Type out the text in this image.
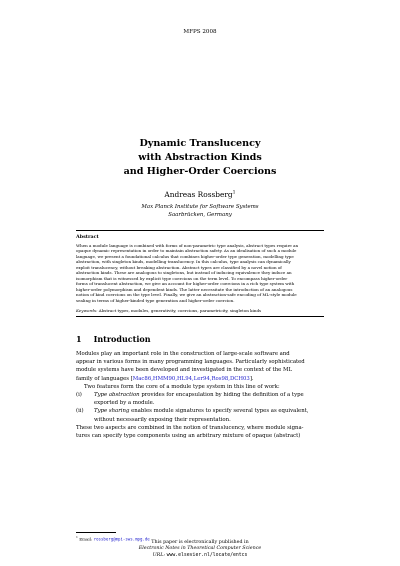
MFPS 2008
Dynamic Translucency
with Abstraction Kinds
and Higher-Order Coercions
Andreas Rossberg$^1$
Max Planck Institute for Software Systems
Saarbrücken, Germany
Abstract
When a module language is combined with forms of non-parametric type analysis, abstract types require an
opaque dynamic representation in order to maintain abstraction safety. As an idealisation of such a module
language, we present a foundational calculus that combines higher-order type generation, modelling type
abstraction, with singleton kinds, modelling translucency. In this calculus, type analysis can dynamically
exploit translucency, without breaking abstraction. Abstract types are classified by a novel notion of
abstraction kinds. These are analogous to singletons, but instead of inducing equivalence they induce an
isomorphism that is witnessed by explicit type coercions on the term level. To encompass higher-order
forms of translucent abstraction, we give an account for higher-order coercions in a rich type system with
higher-order polymorphism and dependent kinds. The latter necessitate the introduction of an analogous
notion of kind coercions on the type level. Finally, we give an abstraction-safe encoding of ML-style module
sealing in terms of higher-kinded type generation and higher-order coercion.
Keywords: Abstract types, modules, generativity, coercions, parametricity, singleton kinds
1 Introduction
Modules play an important role in the construction of large-scale software and
appear in various forms in many programming languages. Particularly sophisticated
module systems have been developed and investigated in the context of the ML
family of languages [Mac86,HMM90,HL94,Ler94,Ros98,DCH03].
Two features form the core of a module type system in this line of work:
(i) Type abstraction provides for encapsulation by hiding the definition of a type
exported by a module.
(ii) Type sharing enables module signatures to specify several types as equivalent,
without necessarily exposing their representation.
These two aspects are combined in the notion of translucency, where module signa-
tures can specify type components using an arbitrary mixture of opaque (abstract)
$^1$ Email: rossberg@mpi-sws.mpg.de
This paper is electronically published in
Electronic Notes in Theoretical Computer Science
URL: www.elsevier.nl/locate/entcs
